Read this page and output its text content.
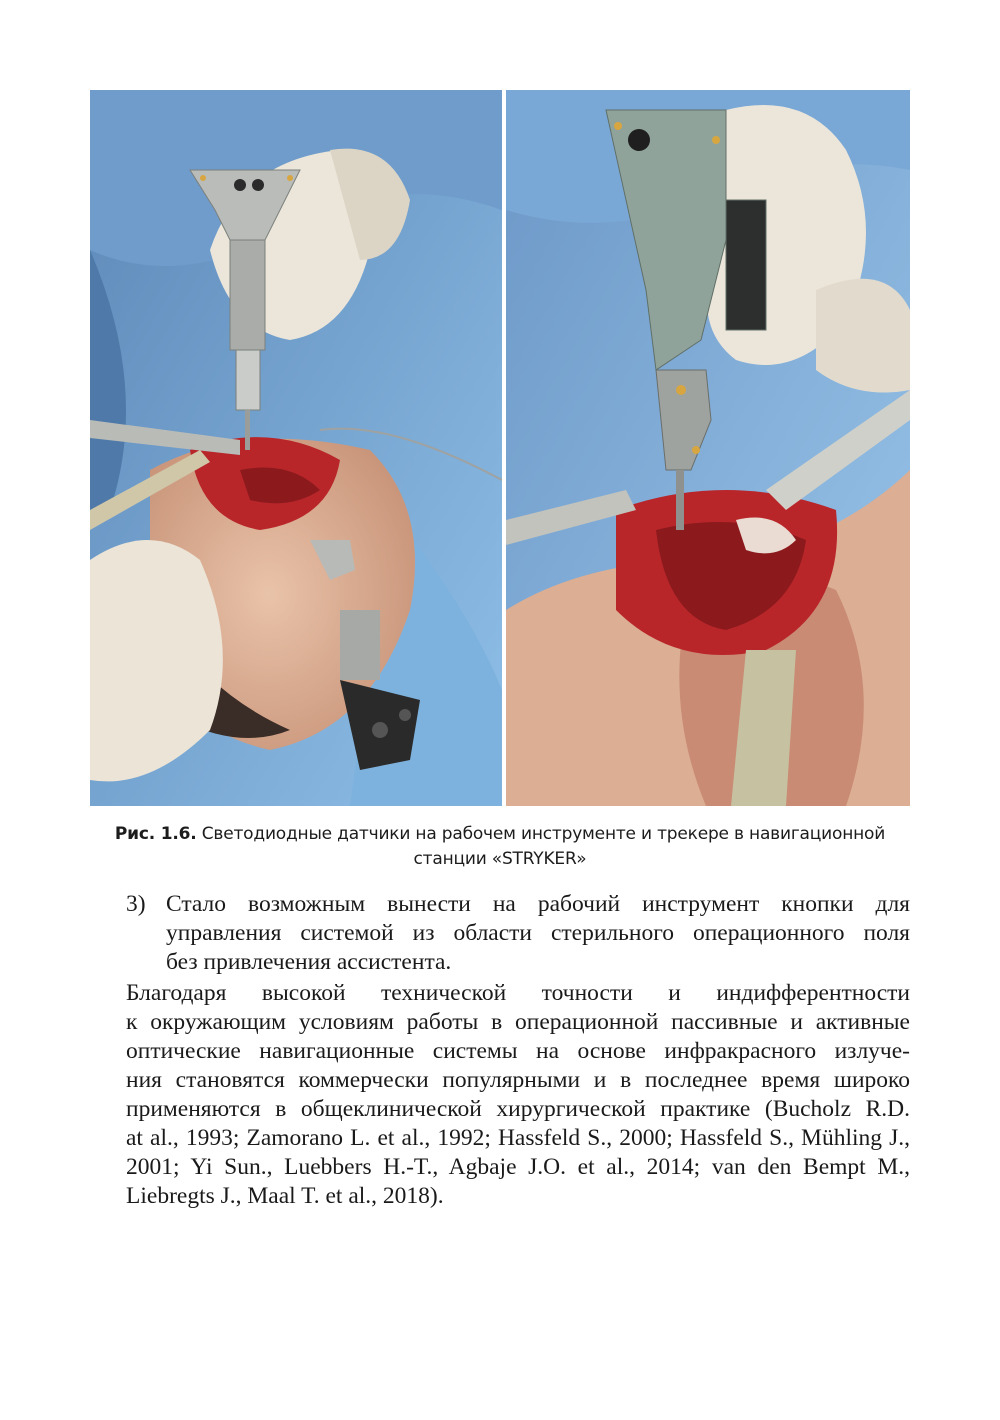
Рис. 1.6. Светодиодные датчики на рабочем инструменте и трекере в навигационной
станции «STRYKER»
3) Стало возможным вынести на рабочий инструмент кнопки для
управления системой из области стерильного операционного поля
без привлечения ассистента.
Благодаря высокой технической точности и индифферентности
к окружающим условиям работы в операционной пассивные и активные
оптические навигационные системы на основе инфракрасного излуче-
ния становятся коммерчески популярными и в последнее время широко
применяются в общеклинической хирургической практике (Bucholz R.D.
at al., 1993; Zamorano L. et al., 1992; Hassfeld S., 2000; Hassfeld S., Mühling J.,
2001; Yi Sun., Luebbers H.-T., Agbaje J.O. et al., 2014; van den Bempt M.,
Liebregts J., Maal T. et al., 2018).
